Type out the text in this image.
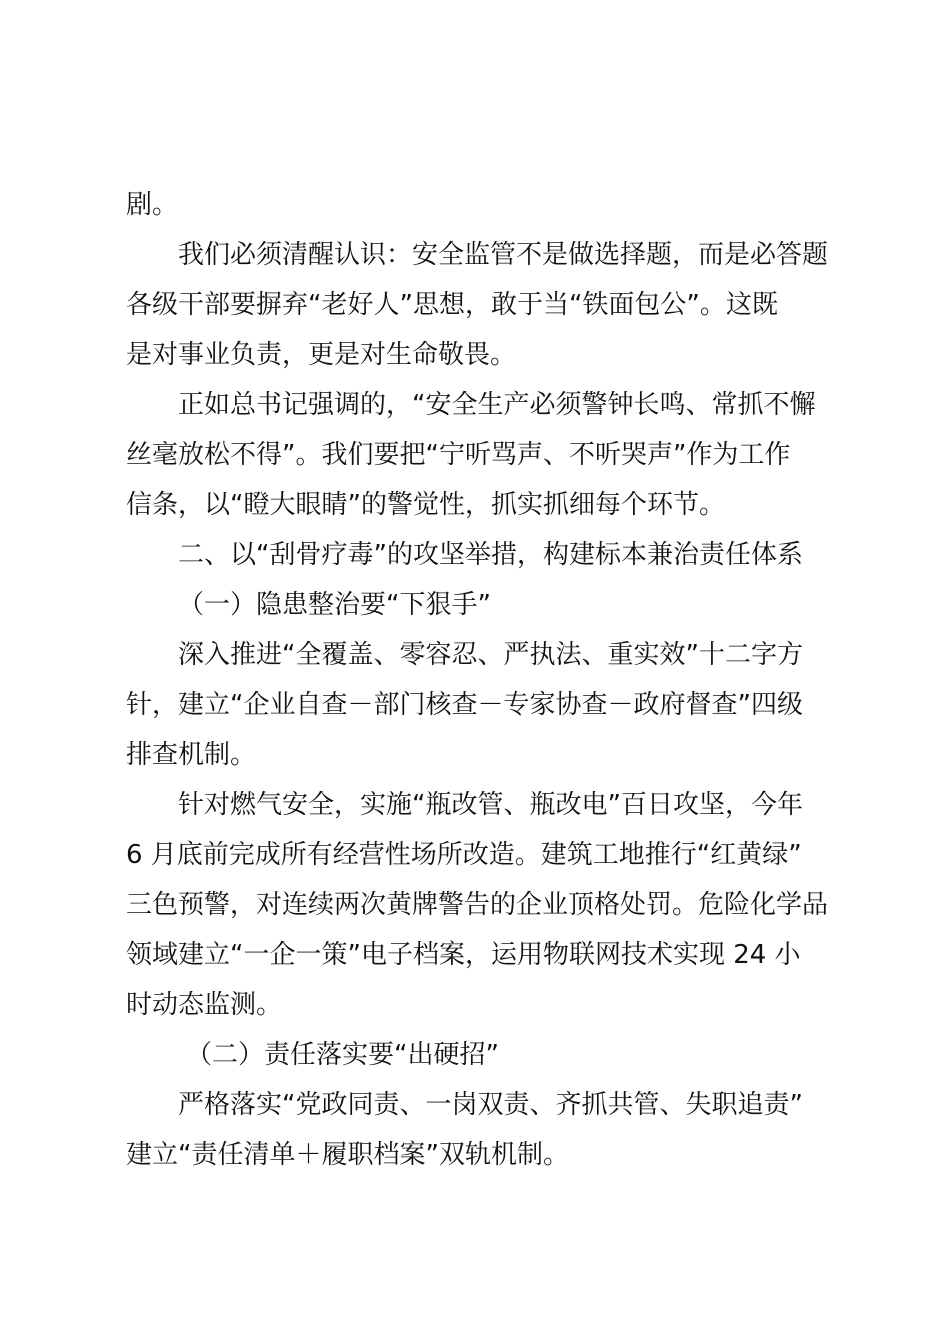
剧。
我们必须清醒认识：安全监管不是做选择题，而是必答题
各级干部要摒弃“老好人”思想，敢于当“铁面包公”。这既
是对事业负责，更是对生命敬畏。
正如总书记强调的，“安全生产必须警钟长鸣、常抓不懈
丝毫放松不得”。我们要把“宁听骂声、不听哭声”作为工作
信条，以“瞪大眼睛”的警觉性，抓实抓细每个环节。
二、以“刮骨疗毒”的攻坚举措，构建标本兼治责任体系
（一）隐患整治要“下狠手”
深入推进“全覆盖、零容忍、严执法、重实效”十二字方
针，建立“企业自查－部门核查－专家协查－政府督查”四级
排查机制。
针对燃气安全，实施“瓶改管、瓶改电”百日攻坚，今年
6 月底前完成所有经营性场所改造。建筑工地推行“红黄绿”
三色预警，对连续两次黄牌警告的企业顶格处罚。危险化学品
领域建立“一企一策”电子档案，运用物联网技术实现 24 小
时动态监测。
（二）责任落实要“出硬招”
严格落实“党政同责、一岗双责、齐抓共管、失职追责”
建立“责任清单＋履职档案”双轨机制。
